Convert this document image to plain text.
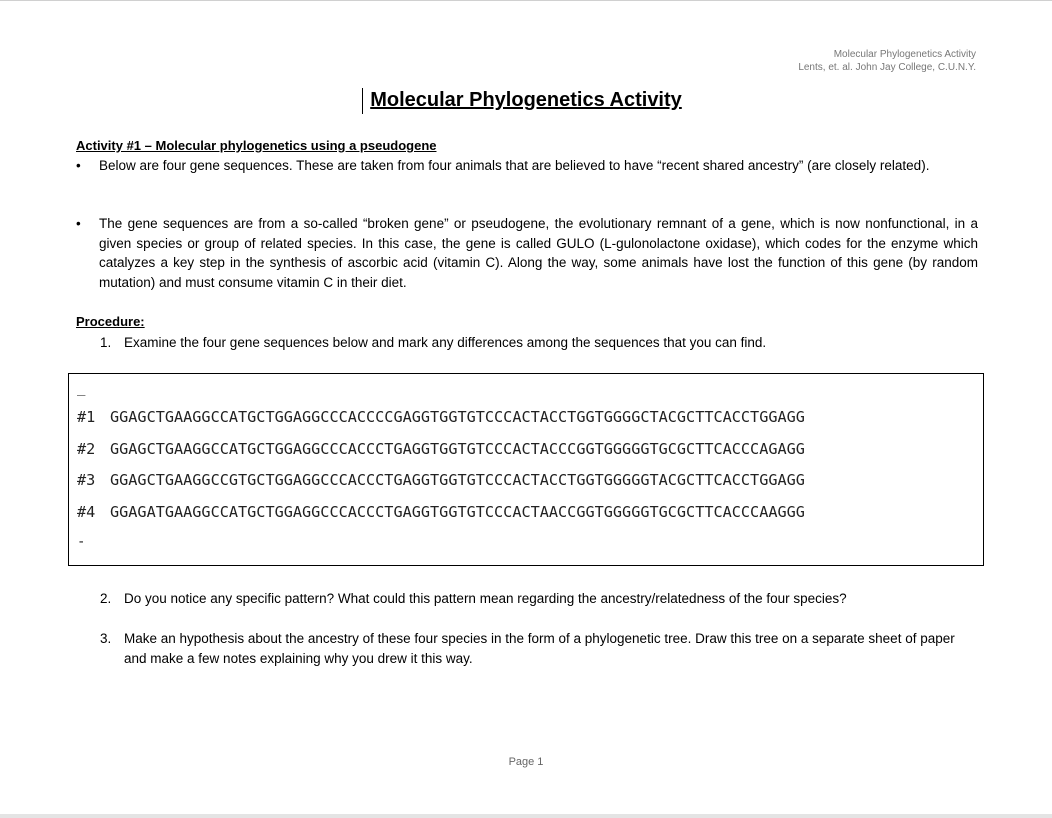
Molecular Phylogenetics Activity
Lents, et. al. John Jay College, C.U.N.Y.
Molecular Phylogenetics Activity
Activity #1 – Molecular phylogenetics using a pseudogene
•	Below are four gene sequences. These are taken from four animals that are believed to have “recent shared ancestry” (are closely related).
•	The gene sequences are from a so-called “broken gene” or pseudogene, the evolutionary remnant of a gene, which is now nonfunctional, in a given species or group of related species. In this case, the gene is called GULO (L-gulonolactone oxidase), which codes for the enzyme which catalyzes a key step in the synthesis of ascorbic acid (vitamin C). Along the way, some animals have lost the function of this gene (by random mutation) and must consume vitamin C in their diet.
Procedure:
1. Examine the four gene sequences below and mark any differences among the sequences that you can find.
_
#1 GGAGCTGAAGGCCATGCTGGAGGCCCACCCCGAGGTGGTGTCCCACTACCTGGTGGGGCTACGCTTCACCTGGAGG
#2 GGAGCTGAAGGCCATGCTGGAGGCCCACCCTGAGGTGGTGTCCCACTACCCGGTGGGGGTGCGCTTCACCCAGAGG
#3 GGAGCTGAAGGCCGTGCTGGAGGCCCACCCTGAGGTGGTGTCCCACTACCTGGTGGGGGTACGCTTCACCTGGAGG
#4 GGAGATGAAGGCCATGCTGGAGGCCCACCCTGAGGTGGTGTCCCACTAACCGGTGGGGGTGCGCTTCACCCAAGGG
-
2. Do you notice any specific pattern? What could this pattern mean regarding the ancestry/relatedness of the four species?
3. Make an hypothesis about the ancestry of these four species in the form of a phylogenetic tree. Draw this tree on a separate sheet of paper and make a few notes explaining why you drew it this way.
Page 1
